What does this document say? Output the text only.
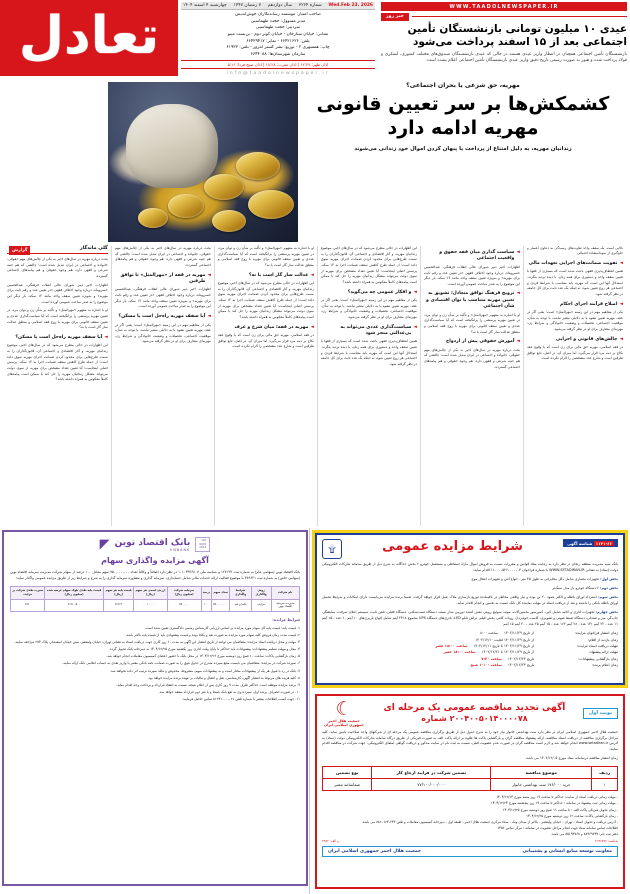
WWW.TAADOLNEWSPAPER.IR
خبر روز
عیدی ۱۰ میلیون تومانی بازنشستگان تأمین اجتماعی بعد از ۱۵ اسفند پرداخت می‌شود
بازنشستگان تأمین اجتماعی همچنان در انتظار واریز عیدی هستند در حالی که عیدی بازنشستگان صندوق‌های مختلف کشوری، لشکری و فولاد پرداخت شده و هنوز به صورت رسمی تاریخ دقیق واریز عیدی بازنشستگان تأمین اجتماعی اعلام نشده است.
Wed.Feb 23. 2026
شماره ۳۲۶۴
سال دوازدهم
۷ رمضان ۱۴۴۷
چهارشنبه ۴ اسفند ۱۴۰۴
صاحب امتیاز: موسسه رسانه‌نگاران خوش‌اندیش
مدیر مسوول: حجت طهماسبی
سردبیر: حجت طهماسبی
نشانی: خیابان ستارخان - خیابان کوثر دوم - بن‌بست مینو
تلفن: ۶۶۴۲۱۶۲۶ - نمابر: ۶۶۴۲۹۴۱۷
چاپ: همشهری ۲ - توزیع: نشر گستر امروز - تلفن: ۶۱۹۳۳
سازمان شهرستان‌ها: ۶۶۴۴۰۸۸
اذان ظهر: ۱۲:۲۷ | اذان مغرب: ۱۸:۲۸ | اذان صبح فردا: ۵:۱۶
info@taadolnewspaper.ir
تعادل
مهریه، حق شرعی یا بحران اجتماعی؟
کشمکش‌ها بر سر تعیین قانونی مهریه ادامه دارد
زندانیان مهریه، به دلیل امتناع از پرداخت یا پنهان کردن اموال خود زندانی می‌شوند
بالایی است. یک سقف واحد تفاوت‌های رسیدگی به دعاوی اعسار و جلوگیری از سوءاستفاده احتمالی
◄
تقویت ضمانت‌های اجرایی تعهدات مالی

همین انعطاف‌پذیری فقهی باعث شده است که بسیاری از فقها با تعیین سقف واحد و دستوری برای همه زنان، با دیده تردید بنگرند. استدلال آنها این است که مهریه باید متناسب با شرایط فردی و اجتماعی هر زوج تعیین شود، نه اینکه یک عدد ثابت برای کل جامعه در نظر گرفته شود.

◄
اصلاح فرآیند اجرای احکام

یکی از مفاهیم مهم در این زمینه «مهرالمثل» است؛ یعنی اگر در عقد، مهریه تعیین نشود یا به دلایلی معتبر نباشد، با توجه به شأن، موقعیت اجتماعی، تحصیلات و وضعیت خانوادگی و شرایط زن، مهریه‌ای متعارف برای او در نظر گرفته می‌شود.

◄
چالش‌های قانونی و اجرایی

در فقه اسلامی، مهریه حق مالی برای زن است که با وقوع عقد نکاح بر ذمه مرد قرار می‌گیرد. اما میزان آن، در اصل، تابع توافق طرفین است و شارع عدد مشخصی را الزام نکرده است.

◄
سیاست گذاری میان فقه حقوق و واقعیت اجتماعی

اظهارات اخیر دبیر شورای عالی انقلاب فرهنگی، عبدالحسین خسروپناه، درباره وجود اختلاف فقهی «در تعیین عدد و رقم ثابت برای مهریه» و به‌ویژه تعیین سقف واحد مانند ۱۴ سکه، بار دیگر این موضوع را به صدر مباحث عمومی آورده است.

◄
ترویج فرهنگ توافق متعادل؛ تشویق به تعیین مهریه متناسب با توان اقتصادی و شأن اجتماعی

او با اشاره به مفهوم «مهرالمثل» و تأکید بر شأن زن و توان مرد، در تعیین مهریه پرسشی را برانگیخته است که آیا سیاست‌گذاری عددی و تعیین سقف قانونی برای مهریه با روح فقه اسلامی و منطق عدالت ساز گار است یا نه؟

◄
آموزش حقوقی پیش از ازدواج

بحث درباره مهریه در سال‌های اخیر به یکی از چالش‌های مهم حقوقی، خانواده و اجتماعی در ایران تبدیل شده است؛ چالشی که هم جنبه شرعی و فقهی دارد، هم وجوه حقوقی و هم پیامدهای اجتماعی گسترده.

این اظهارات در حالی مطرح می‌شود که در سال‌های اخیر، موضوع زندانیان مهریه، و آثار اقتصادی و اجتماعی آن، قانون‌گذاران را به سمت طرح‌هایی برای محدود کردن ضمانت اجرای مهریه سوق داده است؛ از جمله طرح کاهش سقف ضمانت اجرا به ۱۴ سکه. پرسش اصلی اینجاست: آیا تعیین تعداد مشخص برای مهریه از سوی دولت می‌تواند مشکل زندانیان مهریه را حل کند یا ممکن است پیامدهای کاملاً معکوس به همراه داشته باشد؟

◄
و افکار عمومی چه می‌گوید؟

یکی از مفاهیم مهم در این زمینه «مهرالمثل» است؛ یعنی اگر در عقد، مهریه تعیین نشود یا به دلایلی معتبر نباشد، با توجه به شأن، موقعیت اجتماعی، تحصیلات و وضعیت خانوادگی و شرایط زن، مهریه‌ای متعارف برای او در نظر گرفته می‌شود.

◄
سیاست‌گذاری عددی می‌تواند به بی‌عدالتی منجر شود

همین انعطاف‌پذیری فقهی باعث شده است که بسیاری از فقها با تعیین سقف واحد و دستوری برای همه زنان، با دیده تردید بنگرند. استدلال آنها این است که مهریه باید متناسب با شرایط فردی و اجتماعی هر زوج تعیین شود، نه اینکه یک عدد ثابت برای کل جامعه در نظر گرفته شود.

او با اشاره به مفهوم «مهرالمثل» و تأکید بر شأن زن و توان مرد، در تعیین مهریه پرسشی را برانگیخته است که آیا سیاست‌گذاری عددی و تعیین سقف قانونی برای مهریه با روح فقه اسلامی و منطق عدالت ساز گار است یا نه؟

◄
عدالت ساز گار است یا نه؟

این اظهارات در حالی مطرح می‌شود که در سال‌های اخیر، موضوع زندانیان مهریه، و آثار اقتصادی و اجتماعی آن، قانون‌گذاران را به سمت طرح‌هایی برای محدود کردن ضمانت اجرای مهریه سوق داده است؛ از جمله طرح کاهش سقف ضمانت اجرا به ۱۴ سکه. پرسش اصلی اینجاست: آیا تعیین تعداد مشخص برای مهریه از سوی دولت می‌تواند مشکل زندانیان مهریه را حل کند یا ممکن است پیامدهای کاملاً معکوس به همراه داشته باشد؟

◄
مهریه در قفه؛ میان شرع و عرف

در فقه اسلامی، مهریه حق مالی برای زن است که با وقوع عقد نکاح بر ذمه مرد قرار می‌گیرد. اما میزان آن، در اصل، تابع توافق طرفین است و شارع عدد مشخصی را الزام نکرده است.

بحث درباره مهریه در سال‌های اخیر به یکی از چالش‌های مهم حقوقی، خانواده و اجتماعی در ایران تبدیل شده است؛ چالشی که هم جنبه شرعی و فقهی دارد، هم وجوه حقوقی و هم پیامدهای اجتماعی گسترده.

◄
مهریه در قفه از «مهرالمثل» تا توافق طرفین

اظهارات اخیر دبیر شورای عالی انقلاب فرهنگی، عبدالحسین خسروپناه، درباره وجود اختلاف فقهی «در تعیین عدد و رقم ثابت برای مهریه» و به‌ویژه تعیین سقف واحد مانند ۱۴ سکه، بار دیگر این موضوع را به صدر مباحث عمومی آورده است.

◄
آیا سقف مهریه راه‌حل است یا مسکن؟

یکی از مفاهیم مهم در این زمینه «مهرالمثل» است؛ یعنی اگر در عقد، مهریه تعیین نشود یا به دلایلی معتبر نباشد، با توجه به شأن، موقعیت اجتماعی، تحصیلات و وضعیت خانوادگی و شرایط زن، مهریه‌ای متعارف برای او در نظر گرفته می‌شود.

گزارش	گلی ماندگار

بحث درباره مهریه در سال‌های اخیر به یکی از چالش‌های مهم حقوقی، خانواده و اجتماعی در ایران تبدیل شده است؛ چالشی که هم جنبه شرعی و فقهی دارد، هم وجوه حقوقی و هم پیامدهای اجتماعی گسترده.

اظهارات اخیر دبیر شورای عالی انقلاب فرهنگی، عبدالحسین خسروپناه، درباره وجود اختلاف فقهی «در تعیین عدد و رقم ثابت برای مهریه» و به‌ویژه تعیین سقف واحد مانند ۱۴ سکه، بار دیگر این موضوع را به صدر مباحث عمومی آورده است.

او با اشاره به مفهوم «مهرالمثل» و تأکید بر شأن زن و توان مرد، در تعیین مهریه پرسشی را برانگیخته است که آیا سیاست‌گذاری عددی و تعیین سقف قانونی برای مهریه با روح فقه اسلامی و منطق عدالت ساز گار است یا نه؟

◄
آیا سقف مهریه راه‌حل است یا مسکن؟

این اظهارات در حالی مطرح می‌شود که در سال‌های اخیر، موضوع زندانیان مهریه، و آثار اقتصادی و اجتماعی آن، قانون‌گذاران را به سمت طرح‌هایی برای محدود کردن ضمانت اجرای مهریه سوق داده است؛ از جمله طرح کاهش سقف ضمانت اجرا به ۱۴ سکه. پرسش اصلی اینجاست: آیا تعیین تعداد مشخص برای مهریه از سوی دولت می‌تواند مشکل زندانیان مهریه را حل کند یا ممکن است پیامدهای کاملاً معکوس به همراه داشته باشد؟

۱۱۴۱-۶۶ شناسه آگهی
شرایط مزایده عمومی
۩

بانک سپه مدیریت منطقه زنجان در نظر دارد به رعایت مفاد قوانین و مقررات نسبت به فروش اموال مازاد اسقاطی و مستعمل خودرو ۶ بخش جداگانه به شرح ذیل از طریق سامانه تدارکات الکترونیکی دولت (ستاد) به نشانی WWW.SETADIRAN.IR با شماره فراخوان ۱۱۰۰۰۰۵۲۶۰۰۰۰۰۰۳ اقدام نماید:

بخش اول: تجهیزات معماری شامل دکل مخابراتی به طول ۴۵ متر - انواع آنتن و تجهیزات انتقال موج

بخش دوم: ۶ دستگاه خودرو باز مدل سبک‌تر

بخش سوم: استرداد اوراق باطله و الکتر عمود ۲۰ تن بوده و نیاز واقعی مخاطر در باقیمانده توزیع بازسازی ملاک عمل قرار خواهد گرفت. ضمناً برنده مزایده می‌بایست دارای امکانات و شرایط تحمیل اوراق باطله بانکی را داشته و بعد از دریافت اسناد در مهلت نماینده کل بانک نسبت به تخمین و انجام اقدام نماید.

بخش چهارم: تجهیزات اداری و اثاثیه شامل کپی، کمپرسور ماشین‌آلات، مونه، سوئیچ رویتر، نقش کننده دوربین مدار بسته، دستگاه تست‌شکنی، دستگاه قفلی، تلفن ثابت، سیستم اعلان سرقت، نمایشگر، چاپ‌گر، میز و صندلی، دستگاه ضبط صوتی و تصویری، کاست خودپرداز، روبات کانتر، پخش فیلم، تراش تابلو LED، باتری‌های دستگاه UPS مجموع ۴۳۱۸ آیتم شامل الواح باربری‌های ۱۰ آیتم ۱۰ عدد - ۱۵ آیتم ۱۱ عدد - ۲۲ آیتم ۱۳۱ عدد - ۲۸ آیتم ۱۶۲ عدد - ۱۵ آیتم ۲۵ عدد - ۴۰ آیتم ۱۵ آیتم

زمان انتشار فراخوان مزایده:
از تاریخ ۱۴۰۲/۱۱/۲۹
ساعت ۸:۰۰
زمان بازدید از اقلام:
از تاریخ ۱۴۰۲/۱۱/۲۹ لغایت ۱۴۰۲/۱۲/۱۰
مهلت دریافت اسناد مزایده:
از تاریخ ۱۴۰۲/۱۱/۲۹ تا تاریخ ۱۴۰۲/۱۲/۱۱
ساعت ۱۸:۰۰ عصر
مهلت ارائه پیشنهاد:
از تاریخ ۱۴۰۲/۱۱/۲۹ تا ۱۴۰۲/۱۲/۲۱
ساعت ۱۸:۰۰ عصر
زمان بازگشایی پیشنهادات:
تاریخ ۱۴۰۲/۱۲/۲۲
ساعت ۷:۳۰
زمان اعلام برنده:
تاریخ ۱۴۰۲/۱۲/۲۳
ساعت ۱۰:۰۰ صبح
نوبت اول
آگهی تجدید مناقصه عمومی یک مرحله ای
۲۰۰۴۰۰۵۰۱۴۰۰۰۰۷۸ شماره
☾
جمعیت هلال احمر
جمهوری اسلامی ایران

جمعیت هلال احمر جمهوری اسلامی ایران در نظر دارد ست بهداشتی خانوار نیاز خود را به شرح جدول ذیل از طریق برگزاری مناقصه عمومی یک مرحله ای از شرکتهای واجد صلاحیت تامین نماید. کلیه مراحل برگزاری مناقصه از دریافت اسناد مناقصه، ارائه پیشنهاد مناقصه گران و بازگشایی پاکت ها علاوه بر ارائه پاکت الف به صورت فیزیکی از طریق درگاه سامانه تدارکات الکترونیکی دولت (ستاد) به آدرس www.setadiran.ir انجام خواهد شد و لازم است مناقصه گران در صورت عدم عضویت قبلی، نسبت به ثبت نام در سایت مذکور و دریافت گواهی امضای الکترونیکی، جهت شرکت در مناقصه اقدام نمایند.

زمان انتشار مناقصه درسامانه ستاد مورخ ۱۴۰۴/۱۲/۰۵ می باشد.

ردیف	موضوع مناقصه	تضمین شرکت در فرایند ارجاع کار	نوع تضمین
۱	خرید ۱۷۶/۰۰۰ ست بهداشتی خانوار	۷۷/۱۰۰/۰۰۰/۰۰۰	ضمانتنامه معتبر
- مهلت زمانی دریافت اسناد از سایت: حداکثر تا ساعت ۱۹ روز شنبه مورخ ۱۴۰۴/۱۲/۱۳
- مهلت زمانی ثبت پیشنهاد در سامانه : حداکثر تا ساعت ۱۹ روز پنجشنبه مورخ ۱۴۰۴/۱۲/۲۴
- زمان تحویل فیزیکی پاکت الف : تا ساعت ۱۱ صبح روز دوشنبه مورخ ۱۴۰۴/۱۲/۲۵
- زمان بازگشایی پاکات: ساعت ۱۲ روز دوشنبه مورخ ۱۴۰۴/۱۲/۲۵
- آدرس دریافت و تحویل اسناد : تهران - خیابان ولیعصر - بالاتر از میدان ونک - ستاد مرکزی جمعیت هلال احمر - طبقه اول - دبیرخانه کمیسیون معاملات و تلفن ۶۴۳-۸۸۲۰۱۲۳ می باشد.
اطلاعات تماس سامانه ستاد جهت انجام مراحل عضویت در سامانه : مرکز تماس ۱۴۵۶
دفتر ثبت نام: ۸۸۹۶۹۷۳۷ و ۸۵۱۹۳۷۶۸ می باشد.
شناسه: ۲۱۳۶۷۷۲
م الف: ۴۴۸۲
معاونت توسعه منابع انسانی و پشتیبانی
جمعیت هلال احمر جمهوری اسلامی ایران
ISO
9001
2015
بانک اقتصاد نوین
ENBANK
◤
آگهی مزایده واگذاری سهام

بانک اقتصاد نوین (سهامی عام) به شماره ثبت ۱۲۷۱۳۲ و شناسه ملی ۱۰۱۰۳۹۴۶۸۰۷ در نظر دارد اصالتاً و وکالتاً تعداد ۷۵۰,۰۰۰,۰۰۰ سهم معادل ۱۰۰ درصد از سهام شرکت مدیریت سرمایه اقتصاد نوین (سهامی خاص) به شماره ثبت ۳۸۹۶۲۱ با موضوع فعالیت ارائه خدمات مالی شامل حسابداری، سرمایه گذاری و مشاوره سرمایه گذاری را به شرح و شرایط زیر از طریق مزایده عمومی واگذار نماید:

نام شرکت	روش واگذاری	شرایط واگذاری	تعداد سهم	درصد	سرمایه شرکت (میلیون ریال)	ارزش اسمی هر سهم (ریال)	قیمت پایه هر سهم (ریال)	قیمت پایه نقدی بلوک سهام عرضه شده (میلیون ریال)	سپرده نقدی شرکت در مزایده
مدیریت سرمایه اقتصاد نوین	مزایده	یکجا و نقد	۷۵۰,۰۰۰,۰۰۰	۱۰۰	۷۵۰,۰۰۰	۱,۰۰۰	۵,۲۱۴	۳,۹۱۰,۵۰۰	۲/۵۰
شرایط مزایده:
۱. قیمت پایه: قیمت پایه کل سهام مورد مزایده بر اساس ارزیابی کارشناس رسمی دادگستری تعیین شده است.
۲. قیمت مدت زمان فروش کلیه سهام مورد مزایده به صورت نقد و یکجا بوده و قیمت پیشنهادی باید از قیمت پایه بالاتر باشد.
۳. مهلت و محل دریافت اسناد مزایده: متقاضیان می توانند از تاریخ انتشار این آگهی به مدت ۱۰ روز کاری جهت دریافت اسناد به نشانی تهران، خیابان ولیعصر، نبش خیابان اسفندیار، پلاک ۲۷۳ مراجعه نمایند.
۴. محل و مهلت تسلیم پیشنهادات: پیشنهادات باید حداکثر تا پایان وقت اداری روز یکشنبه مورخ ۱۴۰۴/۱۲/۲۵ به دبیرخانه بانک تحویل گردد.
۵. زمان بازگشایی پاکات: ساعت ۱۰ صبح روز دوشنبه مورخ ۱۴۰۴/۱۲/۲۶ در محل بانک با حضور اعضای کمیسیون معاملات انجام خواهد شد.
۶. سپرده شرکت در مزایده: متقاضیان می بایست مبلغ سپرده مندرج در جدول فوق را به صورت ضمانت نامه بانکی معتبر یا واریز نقدی به حساب اعلامی بانک ارائه نمایند.
۷. بانک در رد یا قبول هر یک از پیشنهادات مختار است و به پیشنهادات مبهم، مشروط، مخدوش و فاقد سپرده ترتیب اثر داده نخواهد شد.
۸. کلیه هزینه های مربوط به انتشار آگهی، کارشناسی، نقل و انتقال و مالیات بر عهده برنده مزایده خواهد بود.
۹. برنده مزایده موظف است حداکثر ظرف مدت ۷ روز کاری پس از اعلام نتیجه، نسبت به انعقاد قرارداد و پرداخت وجه اقدام نماید.
۱۰. در صورت انصراف برنده اول، سپرده وی به نفع بانک ضبط و با نفر دوم قرارداد منعقد خواهد شد.
۱۱. جهت کسب اطلاعات بیشتر با شماره تلفن ۰۲۱-۸۱۲۴۱۰۰۰ تماس حاصل فرمایید.
